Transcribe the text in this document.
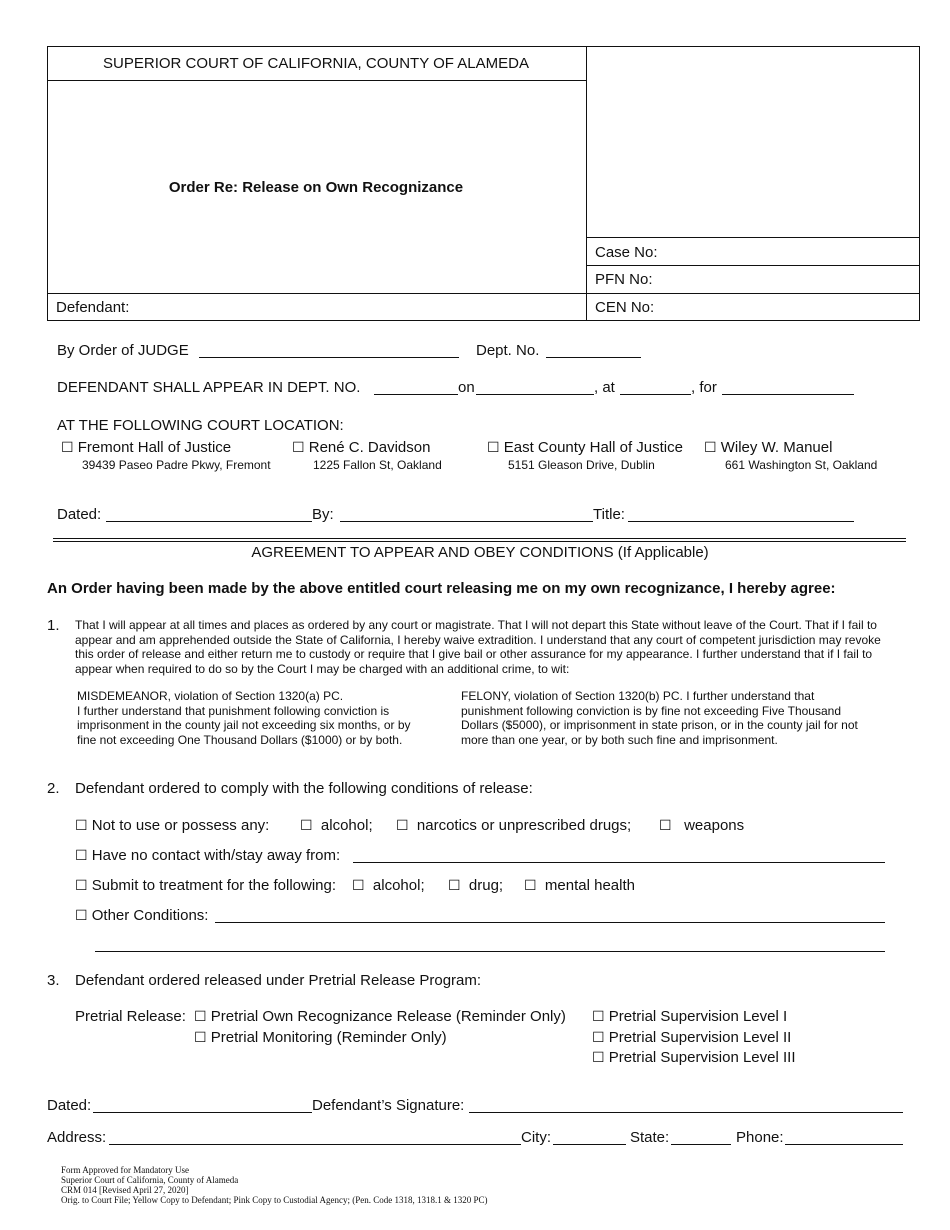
SUPERIOR COURT OF CALIFORNIA, COUNTY OF ALAMEDA
Order Re: Release on Own Recognizance
Defendant:
Case No:
PFN No:
CEN No:
By Order of JUDGE	Dept. No.
DEFENDANT SHALL APPEAR IN DEPT. NO.	on	, at	, for
AT THE FOLLOWING COURT LOCATION:
☐ Fremont Hall of Justice
39439 Paseo Padre Pkwy, Fremont
☐ René C. Davidson
1225 Fallon St, Oakland
☐ East County Hall of Justice
5151 Gleason Drive, Dublin
☐ Wiley W. Manuel
661 Washington St, Oakland
Dated:	By:	Title:
AGREEMENT TO APPEAR AND OBEY CONDITIONS (If Applicable)
An Order having been made by the above entitled court releasing me on my own recognizance, I hereby agree:
1. That I will appear at all times and places as ordered by any court or magistrate. That I will not depart this State without leave of the Court. That if I fail to
appear and am apprehended outside the State of California, I hereby waive extradition. I understand that any court of competent jurisdiction may revoke
this order of release and either return me to custody or require that I give bail or other assurance for my appearance. I further understand that if I fail to
appear when required to do so by the Court I may be charged with an additional crime, to wit:
MISDEMEANOR, violation of Section 1320(a) PC.
I further understand that punishment following conviction is
imprisonment in the county jail not exceeding six months, or by
fine not exceeding One Thousand Dollars ($1000) or by both.
FELONY, violation of Section 1320(b) PC. I further understand that
punishment following conviction is by fine not exceeding Five Thousand
Dollars ($5000), or imprisonment in state prison, or in the county jail for not
more than one year, or by both such fine and imprisonment.
2. Defendant ordered to comply with the following conditions of release:
☐ Not to use or possess any: ☐ alcohol; ☐ narcotics or unprescribed drugs; ☐ weapons
☐ Have no contact with/stay away from:
☐ Submit to treatment for the following: ☐ alcohol; ☐ drug; ☐ mental health
☐ Other Conditions:
3. Defendant ordered released under Pretrial Release Program:
Pretrial Release: ☐ Pretrial Own Recognizance Release (Reminder Only)
☐ Pretrial Monitoring (Reminder Only)
☐ Pretrial Supervision Level I
☐ Pretrial Supervision Level II
☐ Pretrial Supervision Level III
Dated:	Defendant’s Signature:
Address:	City:	State:	Phone:
Form Approved for Mandatory Use
Superior Court of California, County of Alameda
CRM 014 [Revised April 27, 2020]
Orig. to Court File; Yellow Copy to Defendant; Pink Copy to Custodial Agency; (Pen. Code 1318, 1318.1 & 1320 PC)
